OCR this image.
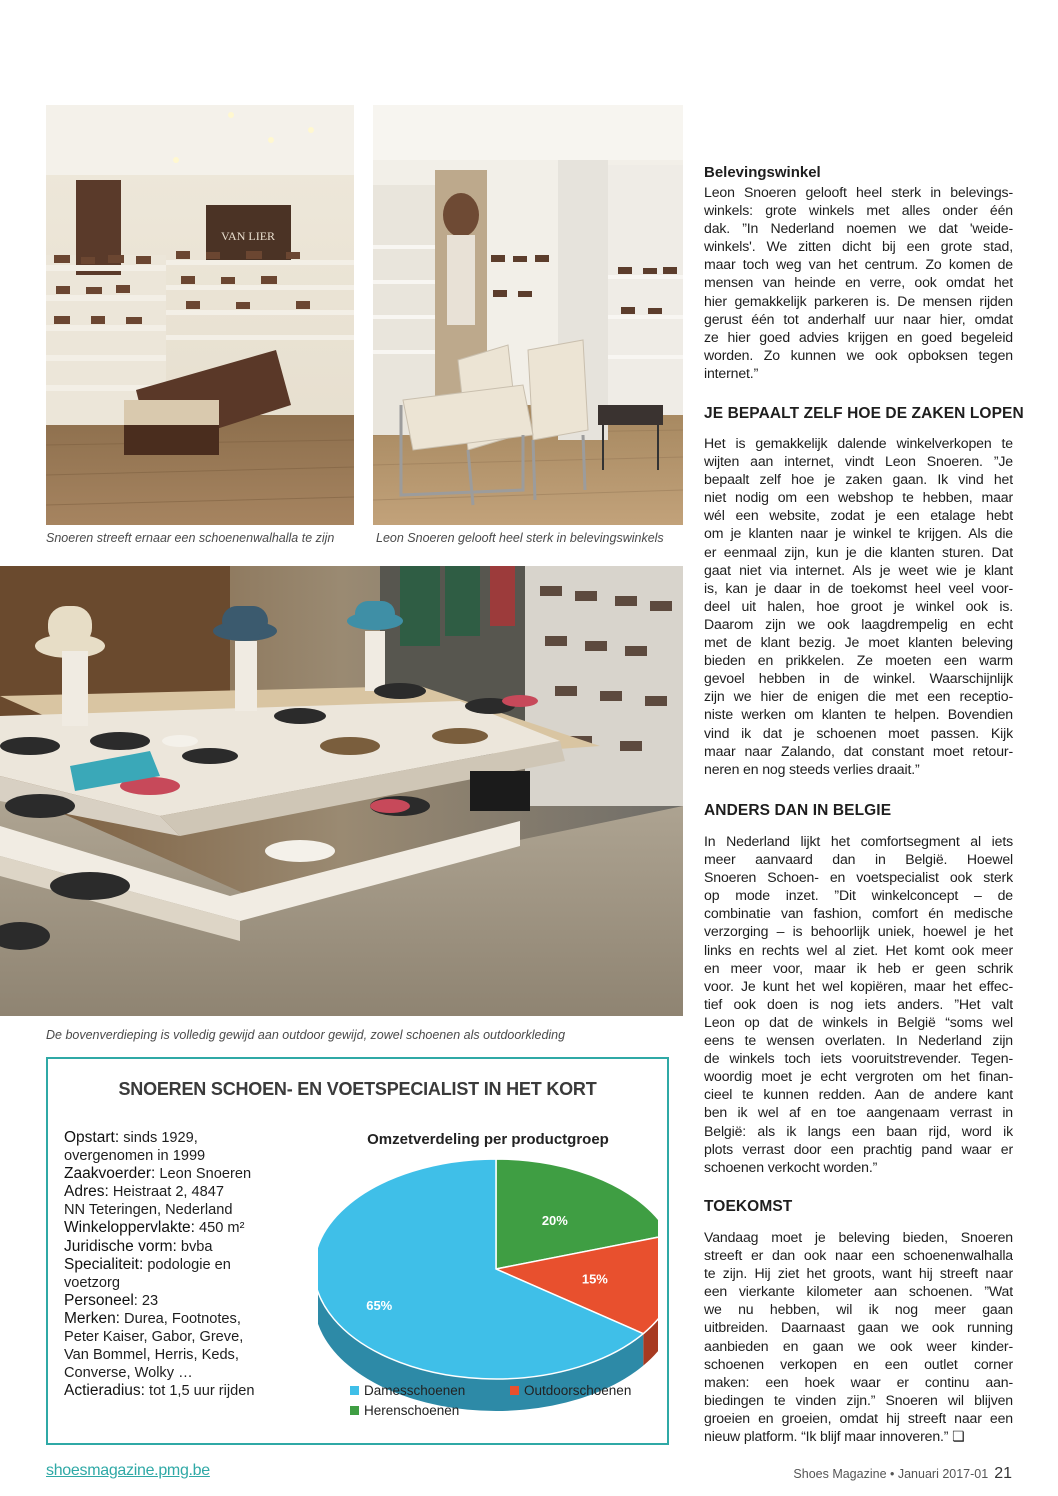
VAN LIER
Snoeren streeft ernaar een schoenenwalhalla te zijn	Leon Snoeren gelooft heel sterk in belevingswinkels
De bovenverdieping is volledig gewijd aan outdoor gewijd, zowel schoenen als outdoorkleding
Belevingswinkel
Leon Snoeren gelooft heel sterk in belevings-
winkels: grote winkels met alles onder één
dak. ”In Nederland noemen we dat 'weide-
winkels'. We zitten dicht bij een grote stad,
maar toch weg van het centrum. Zo komen de
mensen van heinde en verre, ook omdat het
hier gemakkelijk parkeren is. De mensen rijden
gerust één tot anderhalf uur naar hier, omdat
ze hier goed advies krijgen en goed begeleid
worden. Zo kunnen we ook opboksen tegen
internet.”
JE BEPAALT ZELF HOE DE ZAKEN LOPEN
Het is gemakkelijk dalende winkelverkopen te
wijten aan internet, vindt Leon Snoeren. ”Je
bepaalt zelf hoe je zaken gaan. Ik vind het
niet nodig om een webshop te hebben, maar
wél een website, zodat je een etalage hebt
om je klanten naar je winkel te krijgen. Als die
er eenmaal zijn, kun je die klanten sturen. Dat
gaat niet via internet. Als je weet wie je klant
is, kan je daar in de toekomst heel veel voor-
deel uit halen, hoe groot je winkel ook is.
Daarom zijn we ook laagdrempelig en echt
met de klant bezig. Je moet klanten beleving
bieden en prikkelen. Ze moeten een warm
gevoel hebben in de winkel. Waarschijnlijk
zijn we hier de enigen die met een receptio-
niste werken om klanten te helpen. Bovendien
vind ik dat je schoenen moet passen. Kijk
maar naar Zalando, dat constant moet retour-
neren en nog steeds verlies draait.”
ANDERS DAN IN BELGIE
In Nederland lijkt het comfortsegment al iets
meer aanvaard dan in België. Hoewel
Snoeren Schoen- en voetspecialist ook sterk
op mode inzet. ”Dit winkelconcept – de
combinatie van fashion, comfort én medische
verzorging – is behoorlijk uniek, hoewel je het
links en rechts wel al ziet. Het komt ook meer
en meer voor, maar ik heb er geen schrik
voor. Je kunt het wel kopiëren, maar het effec-
tief ook doen is nog iets anders. ”Het valt
Leon op dat de winkels in België “soms wel
eens te wensen overlaten. In Nederland zijn
de winkels toch iets vooruitstrevender. Tegen-
woordig moet je echt vergroten om het finan-
cieel te kunnen redden. Aan de andere kant
ben ik wel af en toe aangenaam verrast in
België: als ik langs een baan rijd, word ik
plots verrast door een prachtig pand waar er
schoenen verkocht worden.”
TOEKOMST
Vandaag moet je beleving bieden, Snoeren
streeft er dan ook naar een schoenenwalhalla
te zijn. Hij ziet het groots, want hij streeft naar
een vierkante kilometer aan schoenen. ”Wat
we nu hebben, wil ik nog meer gaan
uitbreiden. Daarnaast gaan we ook running
aanbieden en gaan we ook weer kinder-
schoenen verkopen en een outlet corner
maken: een hoek waar er continu aan-
biedingen te vinden zijn.” Snoeren wil blijven
groeien en groeien, omdat hij streeft naar een
nieuw platform. “Ik blijf maar innoveren.” ❏
SNOEREN SCHOEN- EN VOETSPECIALIST IN HET KORT
Opstart: sinds 1929,
overgenomen in 1999
Zaakvoerder: Leon Snoeren
Adres: Heistraat 2, 4847
NN Teteringen, Nederland
Winkeloppervlakte: 450 m²
Juridische vorm: bvba
Specialiteit: podologie en
voetzorg
Personeel: 23
Merken: Durea, Footnotes,
Peter Kaiser, Gabor, Greve,
Van Bommel, Herris, Keds,
Converse, Wolky …
Actieradius: tot 1,5 uur rijden
Omzetverdeling per productgroep
20%
15%
65%
Damesschoenen	Outdoorschoenen
Herenschoenen
shoesmagazine.pmg.be	Shoes Magazine • Januari 2017-01 21
